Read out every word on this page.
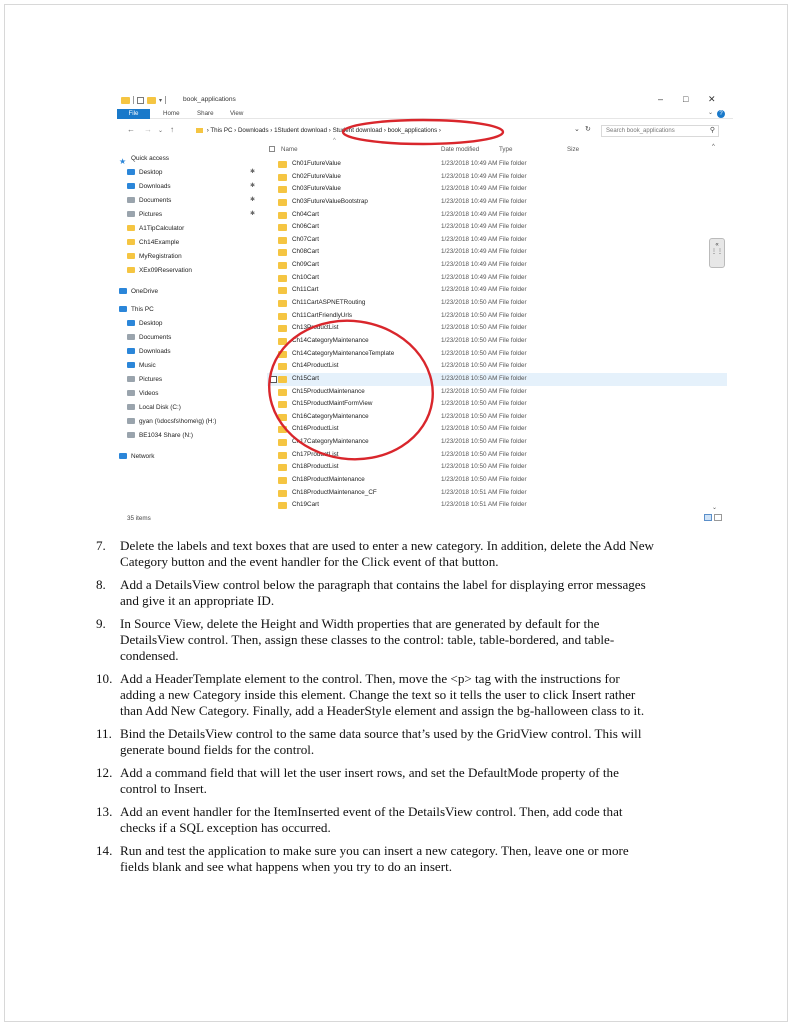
▾	book_applications	– □ ✕
File	Home	Share	View	⌄	?
← → ⌄ ↑	› This PC › Downloads › 1Student download › Student download › book_applications ›	⌄ ↻	Search book_applications	⚲
★ Quick access
Desktop	✱
Downloads	✱
Documents	✱
Pictures	✱
A1TipCalculator
Ch14Example
MyRegistration
XEx09Reservation
OneDrive
This PC
Desktop
Documents
Downloads
Music
Pictures
Videos
Local Disk (C:)
gyan (\\docsfs\home\g) (H:)
BE1034 Share (N:)
Network
^
Name	Date modified	Type	Size
Ch01FutureValue	1/23/2018 10:49 AM File folder
Ch02FutureValue	1/23/2018 10:49 AM File folder
Ch03FutureValue	1/23/2018 10:49 AM File folder
Ch03FutureValueBootstrap	1/23/2018 10:49 AM File folder
Ch04Cart	1/23/2018 10:49 AM File folder
Ch06Cart	1/23/2018 10:49 AM File folder
Ch07Cart	1/23/2018 10:49 AM File folder
Ch08Cart	1/23/2018 10:49 AM File folder
Ch09Cart	1/23/2018 10:49 AM File folder
Ch10Cart	1/23/2018 10:49 AM File folder
Ch11Cart	1/23/2018 10:49 AM File folder
Ch11CartASPNETRouting	1/23/2018 10:50 AM File folder
Ch11CartFriendlyUrls	1/23/2018 10:50 AM File folder
Ch13ProductList	1/23/2018 10:50 AM File folder
Ch14CategoryMaintenance	1/23/2018 10:50 AM File folder
Ch14CategoryMaintenanceTemplate	1/23/2018 10:50 AM File folder
Ch14ProductList	1/23/2018 10:50 AM File folder
Ch15Cart	1/23/2018 10:50 AM File folder
Ch15ProductMaintenance	1/23/2018 10:50 AM File folder
Ch15ProductMaintFormView	1/23/2018 10:50 AM File folder
Ch16CategoryMaintenance	1/23/2018 10:50 AM File folder
Ch16ProductList	1/23/2018 10:50 AM File folder
Ch17CategoryMaintenance	1/23/2018 10:50 AM File folder
Ch17ProductList	1/23/2018 10:50 AM File folder
Ch18ProductList	1/23/2018 10:50 AM File folder
Ch18ProductMaintenance	1/23/2018 10:50 AM File folder
Ch18ProductMaintenance_CF	1/23/2018 10:51 AM File folder
Ch19Cart	1/23/2018 10:51 AM File folder
^
⌄
«
⋮⋮
35 items
7. Delete the labels and text boxes that are used to enter a new category. In addition, delete the Add New Category button and the event handler for the Click event of that button.
8. Add a DetailsView control below the paragraph that contains the label for displaying error messages and give it an appropriate ID.
9. In Source View, delete the Height and Width properties that are generated by default for the DetailsView control. Then, assign these classes to the control: table, table-bordered, and table-condensed.
10. Add a HeaderTemplate element to the control. Then, move the <p> tag with the instructions for adding a new Category inside this element. Change the text so it tells the user to click Insert rather than Add New Category. Finally, add a HeaderStyle element and assign the bg-halloween class to it.
11. Bind the DetailsView control to the same data source that’s used by the GridView control. This will generate bound fields for the control.
12. Add a command field that will let the user insert rows, and set the DefaultMode property of the control to Insert.
13. Add an event handler for the ItemInserted event of the DetailsView control. Then, add code that checks if a SQL exception has occurred.
14. Run and test the application to make sure you can insert a new category. Then, leave one or more fields blank and see what happens when you try to do an insert.
